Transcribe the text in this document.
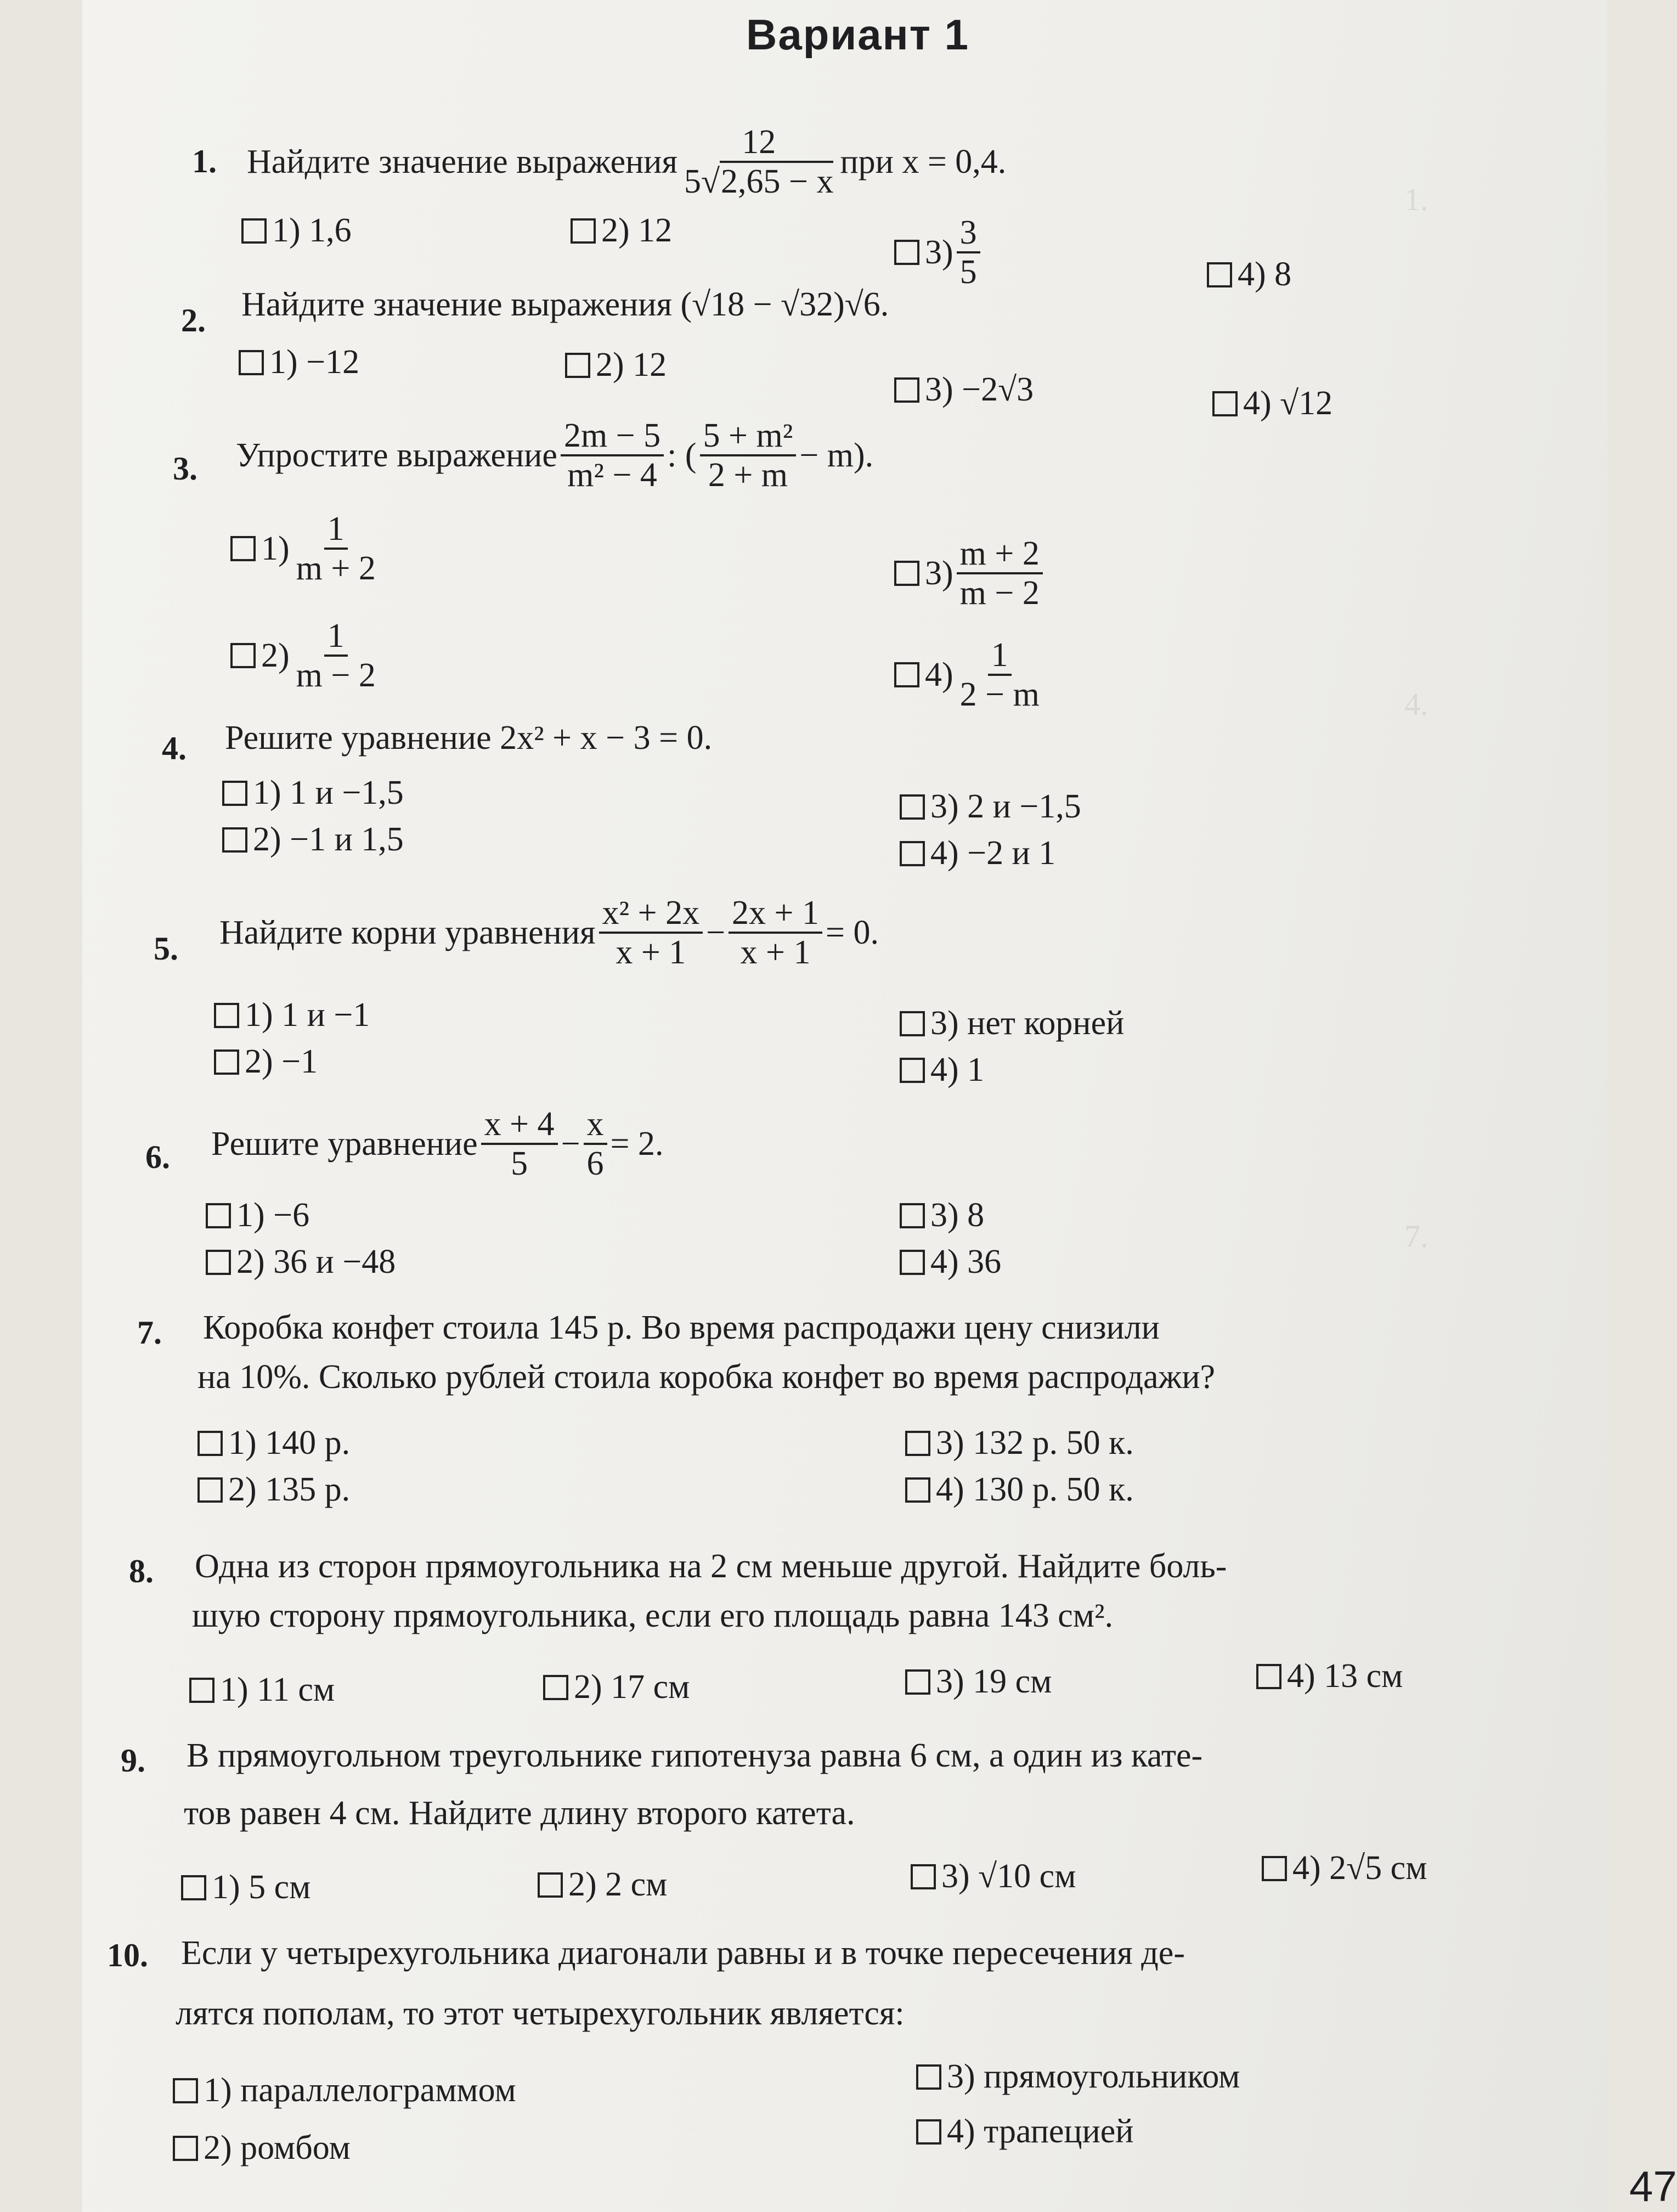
1.
4.
7.
Вариант 1
1. Найдите значение выражения $\frac{12}{5√2,65 - x}$ при x = 0,4.
1) 1,6	2) 12
$3) \frac{3}{5}$	4) 8
2. Найдите значение выражения (√18 − √32)√6.
1) −12	2) 12
3) −2√3	4) √12
3. Упростите выражение $\frac{2m - 5}{\text{m² − 4}}$ : ( $\frac{\text{5 + m²}}{2 + m} - m$).
$1) \frac{1}{m + 2}$
$2) \frac{1}{m - 2}$
$3) \frac{m + 2}{m - 2}$
$4) \frac{1}{2 - m}$
4. Решите уравнение 2x² + x − 3 = 0.
1) 1 и −1,5
2) −1 и 1,5
3) 2 и −1,5
4) −2 и 1
5. Найдите корни уравнения $\frac{\text{x² + 2x}}{x + 1} - \frac{2x + 1}{x + 1} = 0$.
1) 1 и −1
2) −1
3) нет корней
4) 1
6. Решите уравнение $\frac{x + 4}{5} - \frac{x}{6} = 2$.
1) −6
2) 36 и −48
3) 8
4) 36
7. Коробка конфет стоила 145 р. Во время распродажи цену снизили
на 10%. Сколько рублей стоила коробка конфет во время распродажи?
1) 140 р.
2) 135 р.
3) 132 р. 50 к.
4) 130 р. 50 к.
8. Одна из сторон прямоугольника на 2 см меньше другой. Найдите боль-
шую сторону прямоугольника, если его площадь равна 143 см².
1) 11 см	2) 17 см	3) 19 см	4) 13 см
9. В прямоугольном треугольнике гипотенуза равна 6 см, а один из кате-
тов равен 4 см. Найдите длину второго катета.
1) 5 см	2) 2 см	3) √10 см	4) 2√5 см
10. Если у четырехугольника диагонали равны и в точке пересечения де-
лятся пополам, то этот четырехугольник является:
1) параллелограммом
2) ромбом
3) прямоугольником
4) трапецией
47
